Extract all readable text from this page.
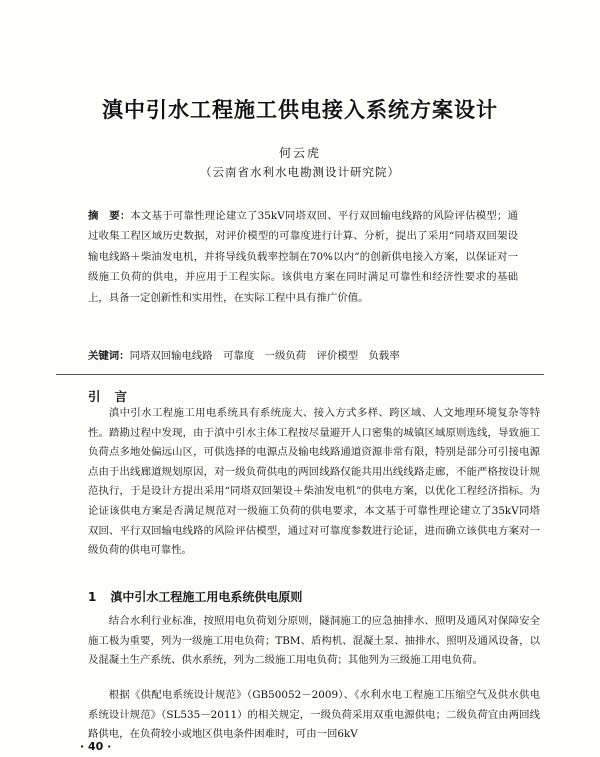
滇中引水工程施工供电接入系统方案设计
何云虎
（云南省水利水电勘测设计研究院）
摘　要：本文基于可靠性理论建立了35kV同塔双回、平行双回输电线路的风险评估模型；通过收集工程区域历史数据，对评价模型的可靠度进行计算、分析，提出了采用“同塔双回架设输电线路＋柴油发电机，并将导线负载率控制在70%以内”的创新供电接入方案，以保证对一级施工负荷的供电，并应用于工程实际。该供电方案在同时满足可靠性和经济性要求的基础上，具备一定创新性和实用性，在实际工程中具有推广价值。
关键词：同塔双回输电线路　 可靠度　 一级负荷　 评价模型　 负载率
引言
滇中引水工程施工用电系统具有系统庞大、接入方式多样、跨区域、人文地理环境复杂等特性。踏勘过程中发现，由于滇中引水主体工程按尽量避开人口密集的城镇区域原则选线，导致施工负荷点多地处偏远山区，可供选择的电源点及输电线路通道资源非常有限，特别是部分可引接电源点由于出线廊道规划原因，对一级负荷供电的两回线路仅能共用出线线路走廊，不能严格按设计规范执行，于是设计方提出采用“同塔双回架设＋柴油发电机”的供电方案，以优化工程经济指标。为论证该供电方案是否满足规范对一级施工负荷的供电要求，本文基于可靠性理论建立了35kV同塔双回、平行双回输电线路的风险评估模型，通过对可靠度参数进行论证，进而确立该供电方案对一级负荷的供电可靠性。
1 滇中引水工程施工用电系统供电原则
结合水利行业标准，按照用电负荷划分原则，隧洞施工的应急抽排水、照明及通风对保障安全施工极为重要，列为一级施工用电负荷；TBM、盾构机、混凝土泵、抽排水、照明及通风设备，以及混凝土生产系统、供水系统，列为二级施工用电负荷；其他列为三级施工用电负荷。
根据《供配电系统设计规范》（GB50052－2009）、《水利水电工程施工压缩空气及供水供电系统设计规范》（SL535－2011）的相关规定，一级负荷采用双重电源供电；二级负荷宜由两回线路供电，在负荷较小或地区供电条件困难时，可由一回6kV
· 40 ·
